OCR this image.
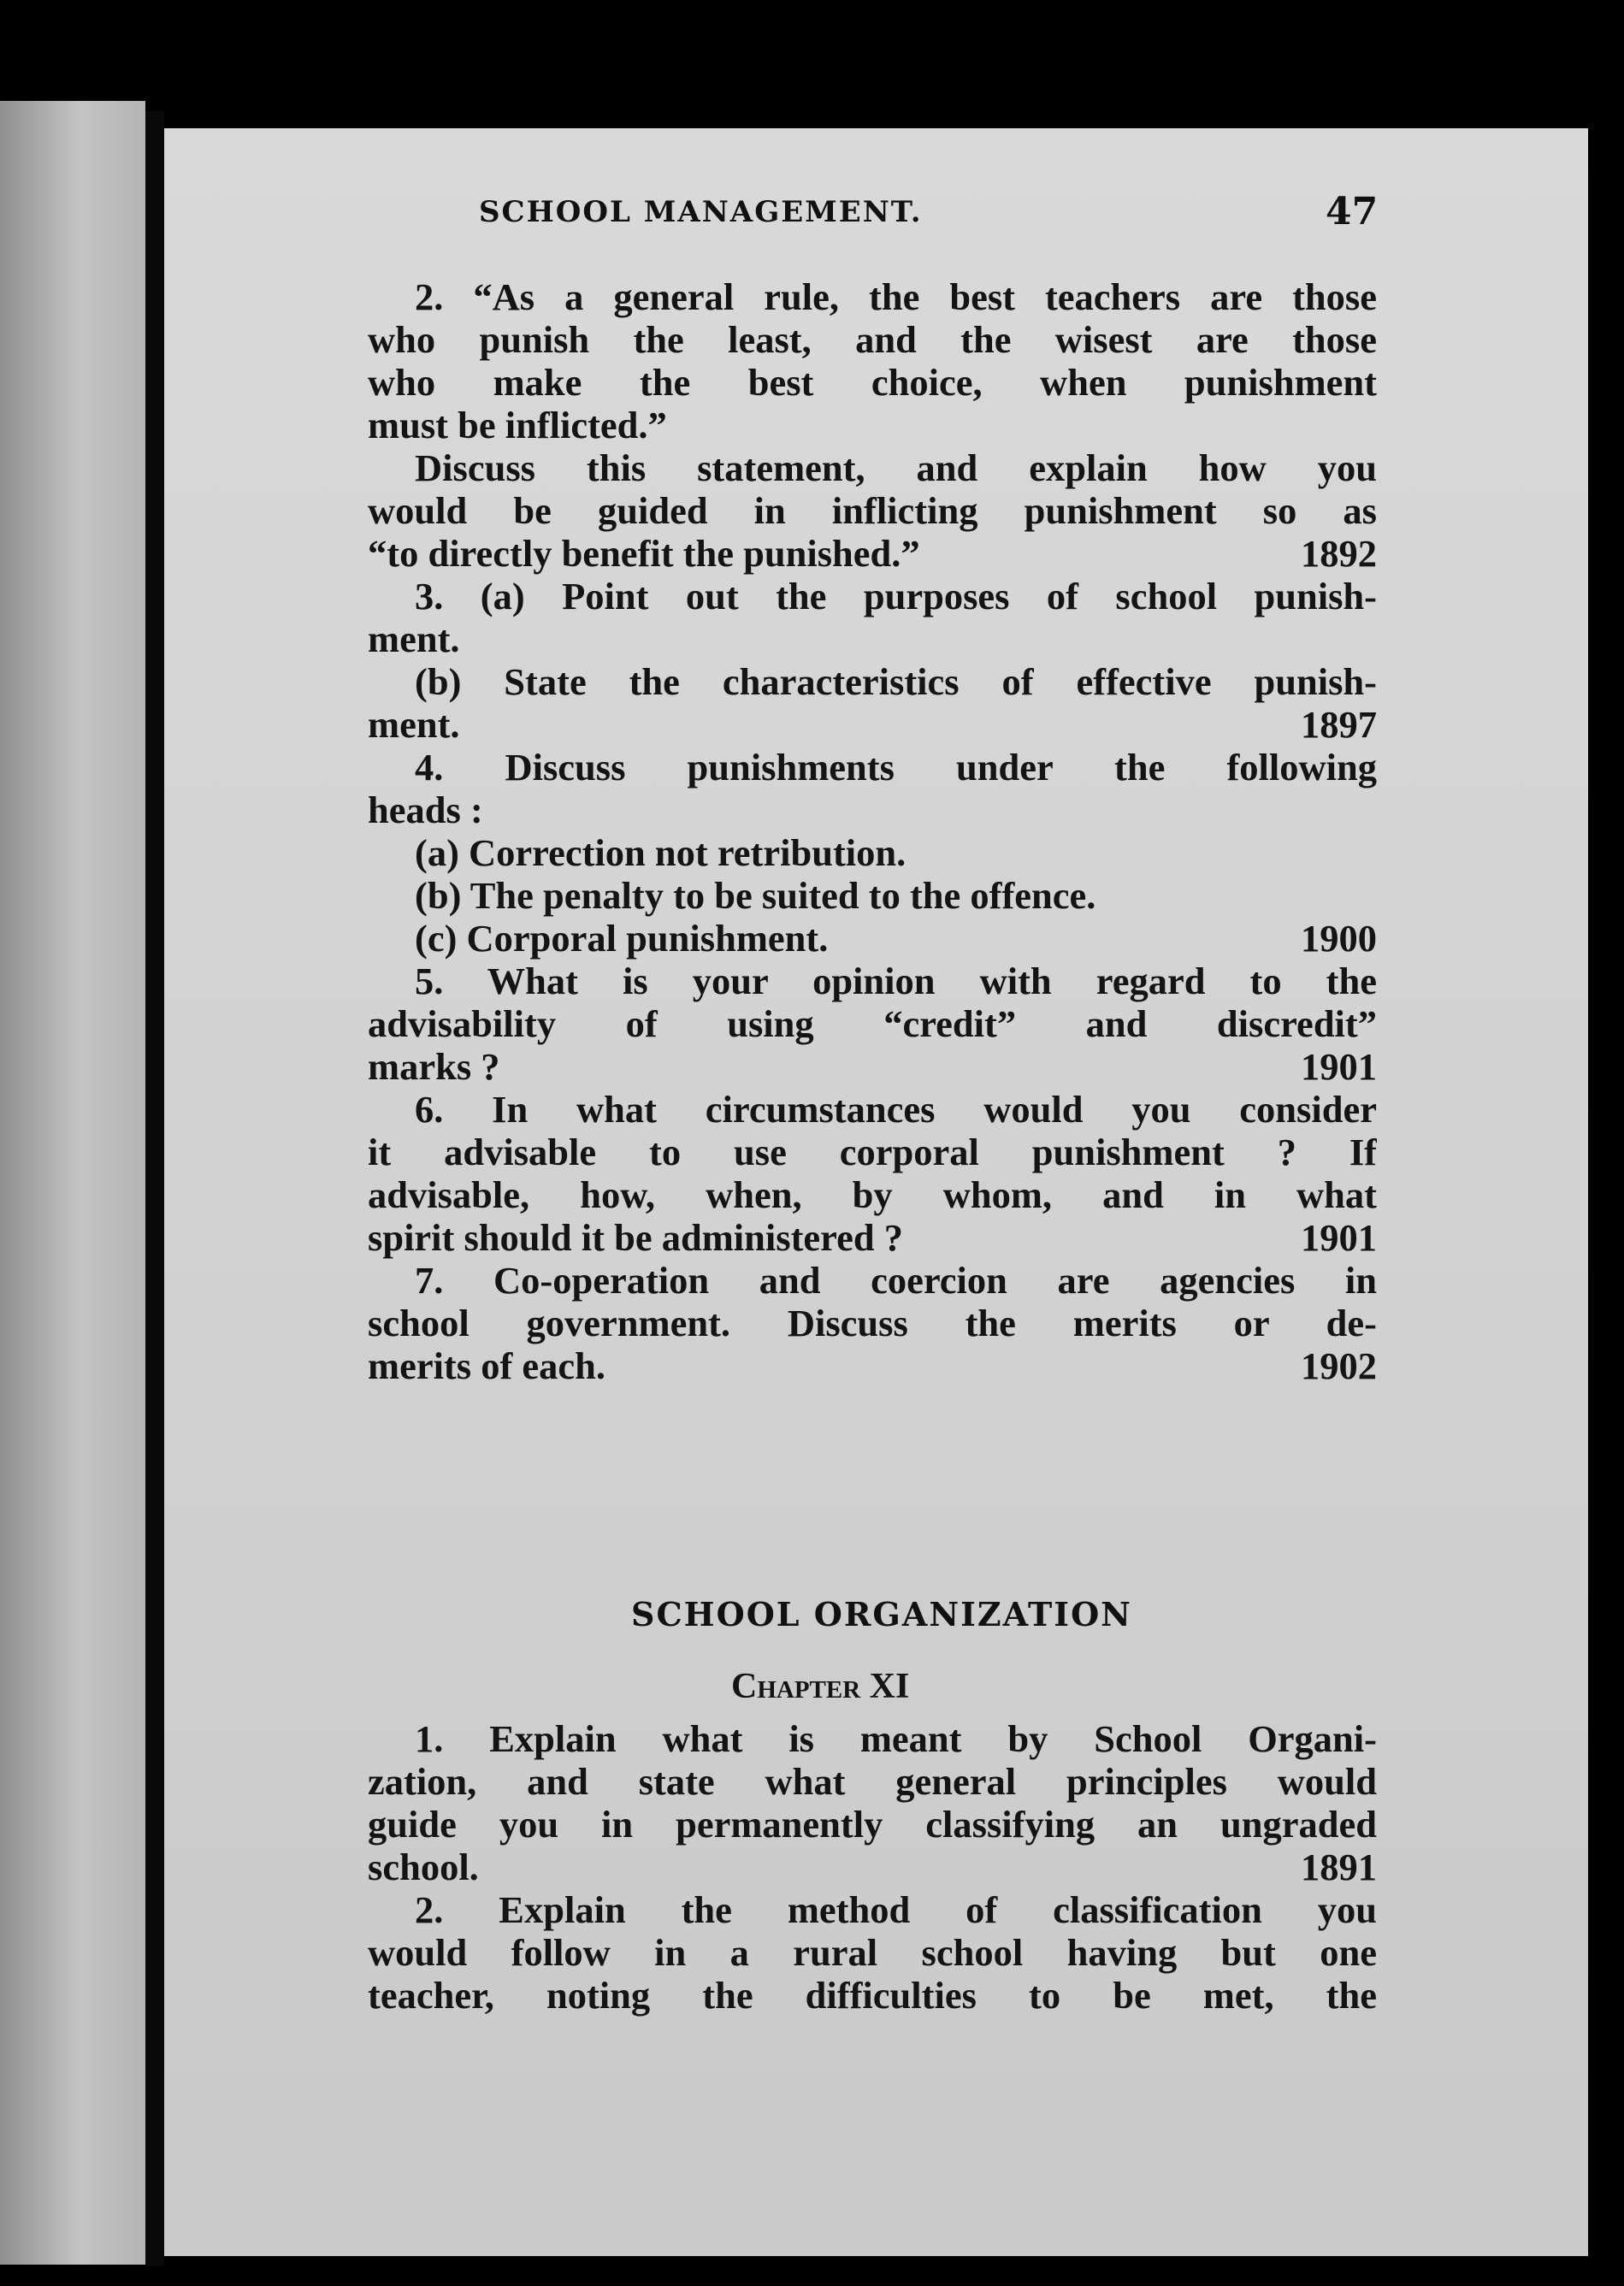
SCHOOL MANAGEMENT.	47
2. “As a general rule, the best teachers are those
who punish the least, and the wisest are those
who make the best choice, when punishment
must be inflicted.”
Discuss this statement, and explain how you
would be guided in inflicting punishment so as
“to directly benefit the punished.”	1892
3. (a) Point out the purposes of school punish-
ment.
(b) State the characteristics of effective punish-
ment.	1897
4. Discuss punishments under the following
heads :
(a) Correction not retribution.
(b) The penalty to be suited to the offence.
(c) Corporal punishment.	1900
5. What is your opinion with regard to the
advisability of using “credit” and discredit”
marks ?	1901
6. In what circumstances would you consider
it advisable to use corporal punishment ? If
advisable, how, when, by whom, and in what
spirit should it be administered ?	1901
7. Co-operation and coercion are agencies in
school government. Discuss the merits or de-
merits of each.	1902
SCHOOL ORGANIZATION
Chapter XI
1. Explain what is meant by School Organi-
zation, and state what general principles would
guide you in permanently classifying an ungraded
school.	1891
2. Explain the method of classification you
would follow in a rural school having but one
teacher, noting the difficulties to be met, the
